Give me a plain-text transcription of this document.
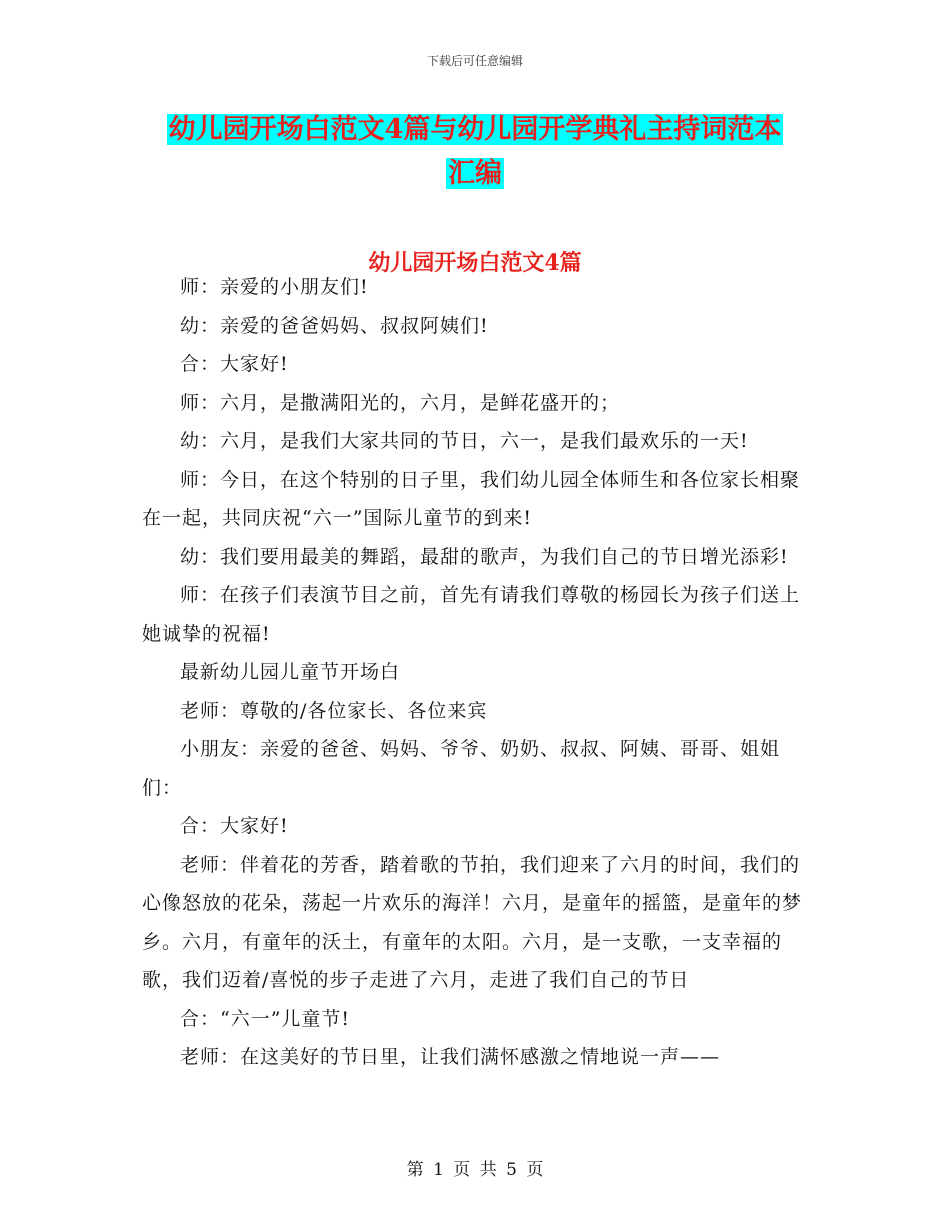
下载后可任意编辑
幼儿园开场白范文4篇与幼儿园开学典礼主持词范本
汇编
幼儿园开场白范文4篇

师：亲爱的小朋友们!

幼：亲爱的爸爸妈妈、叔叔阿姨们!

合：大家好!

师：六月，是撒满阳光的，六月，是鲜花盛开的；

幼：六月，是我们大家共同的节日，六一，是我们最欢乐的一天!

师：今日，在这个特别的日子里，我们幼儿园全体师生和各位家长相聚在一起，共同庆祝“六一”国际儿童节的到来!

幼：我们要用最美的舞蹈，最甜的歌声，为我们自己的节日增光添彩!

师：在孩子们表演节目之前，首先有请我们尊敬的杨园长为孩子们送上她诚挚的祝福!

最新幼儿园儿童节开场白

老师：尊敬的/各位家长、各位来宾

小朋友：亲爱的爸爸、妈妈、爷爷、奶奶、叔叔、阿姨、哥哥、姐姐们：

合：大家好!

老师：伴着花的芳香，踏着歌的节拍，我们迎来了六月的时间，我们的心像怒放的花朵，荡起一片欢乐的海洋！六月，是童年的摇篮，是童年的梦乡。六月，有童年的沃土，有童年的太阳。六月，是一支歌，一支幸福的歌，我们迈着/喜悦的步子走进了六月，走进了我们自己的节日

合：“六一”儿童节!

老师：在这美好的节日里，让我们满怀感激之情地说一声——

第 1 页 共 5 页
